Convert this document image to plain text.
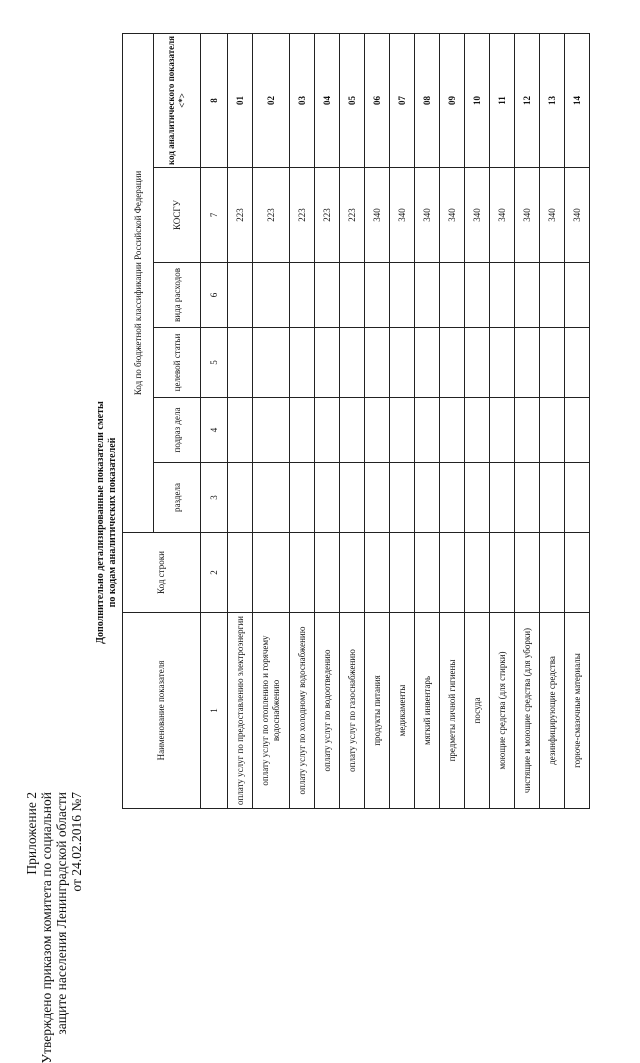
Приложение 2 Утверждено приказом комитета по социальной защите населения Ленинградской области от 24.02.2016 №7
Дополнительно детализированные показатели сметы по кодам аналитических показателей
Наименование показателя	Код строки	Код по бюджетной классификации Российской Федерации					
		раздела	подраз дела	целевой статьи	вида расходов	КОСГУ	код аналитического показателя <*>
1	2	3	4	5	6	7	8
оплату услуг по предоставлению электроэнергии						223	01
оплату услуг по отоплению и горячему водоснабжению						223	02
оплату услуг по холодному водоснабжению						223	03
оплату услуг по водоотведению						223	04
оплату услуг по газоснабжению						223	05
продукты питания						340	06
медикаменты						340	07
мягкий инвентарь						340	08
предметы личной гигиены						340	09
посуда						340	10
моющие средства (для стирки)						340	11
чистящие и моющие средства (для уборки)						340	12
дезинфицирующие средства						340	13
горюче-смазочные материалы						340	14
